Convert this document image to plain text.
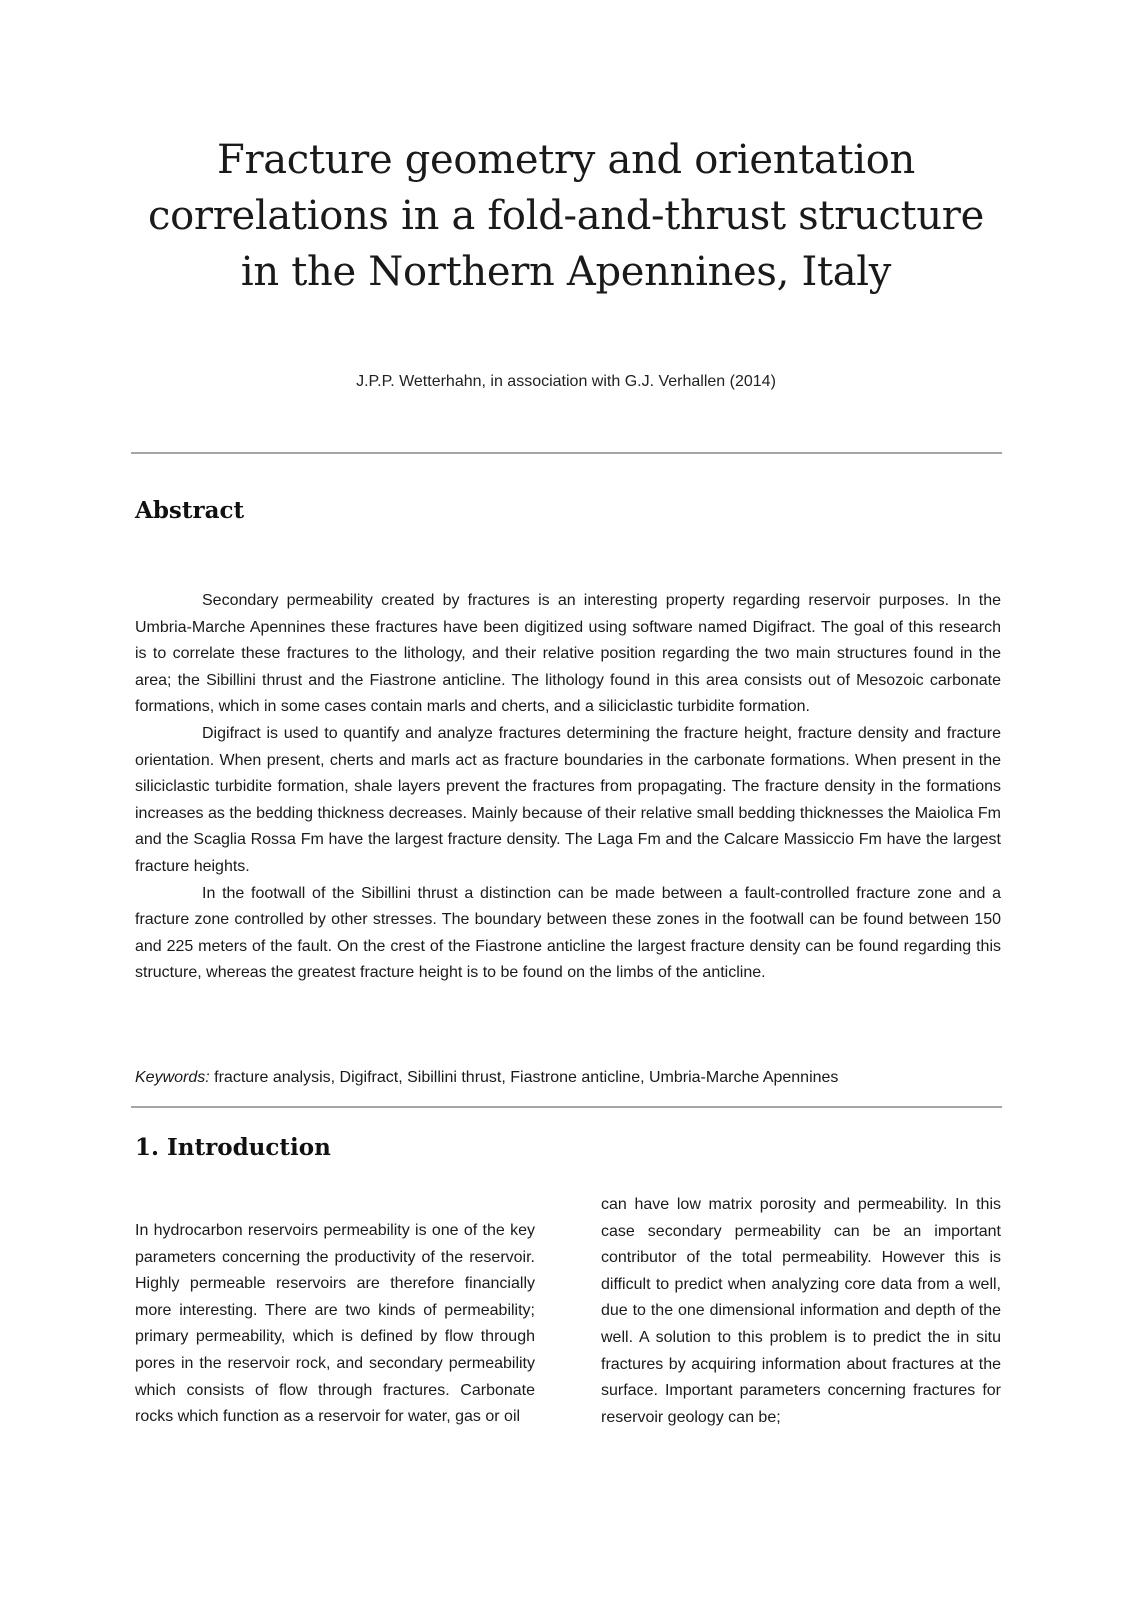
Fracture geometry and orientation correlations in a fold-and-thrust structure in the Northern Apennines, Italy
J.P.P. Wetterhahn, in association with G.J. Verhallen (2014)
Abstract

Secondary permeability created by fractures is an interesting property regarding reservoir purposes. In the Umbria-Marche Apennines these fractures have been digitized using software named Digifract. The goal of this research is to correlate these fractures to the lithology, and their relative position regarding the two main structures found in the area; the Sibillini thrust and the Fiastrone anticline. The lithology found in this area consists out of Mesozoic carbonate formations, which in some cases contain marls and cherts, and a siliciclastic turbidite formation.

Digifract is used to quantify and analyze fractures determining the fracture height, fracture density and fracture orientation. When present, cherts and marls act as fracture boundaries in the carbonate formations. When present in the siliciclastic turbidite formation, shale layers prevent the fractures from propagating. The fracture density in the formations increases as the bedding thickness decreases. Mainly because of their relative small bedding thicknesses the Maiolica Fm and the Scaglia Rossa Fm have the largest fracture density. The Laga Fm and the Calcare Massiccio Fm have the largest fracture heights.

In the footwall of the Sibillini thrust a distinction can be made between a fault-controlled fracture zone and a fracture zone controlled by other stresses. The boundary between these zones in the footwall can be found between 150 and 225 meters of the fault. On the crest of the Fiastrone anticline the largest fracture density can be found regarding this structure, whereas the greatest fracture height is to be found on the limbs of the anticline.

Keywords: fracture analysis, Digifract, Sibillini thrust, Fiastrone anticline, Umbria-Marche Apennines
1. Introduction

In hydrocarbon reservoirs permeability is one of the key parameters concerning the productivity of the reservoir. Highly permeable reservoirs are therefore financially more interesting. There are two kinds of permeability; primary permeability, which is defined by flow through pores in the reservoir rock, and secondary permeability which consists of flow through fractures. Carbonate rocks which function as a reservoir for water, gas or oil

can have low matrix porosity and permeability. In this case secondary permeability can be an important contributor of the total permeability. However this is difficult to predict when analyzing core data from a well, due to the one dimensional information and depth of the well. A solution to this problem is to predict the in situ fractures by acquiring information about fractures at the surface. Important parameters concerning fractures for reservoir geology can be;
